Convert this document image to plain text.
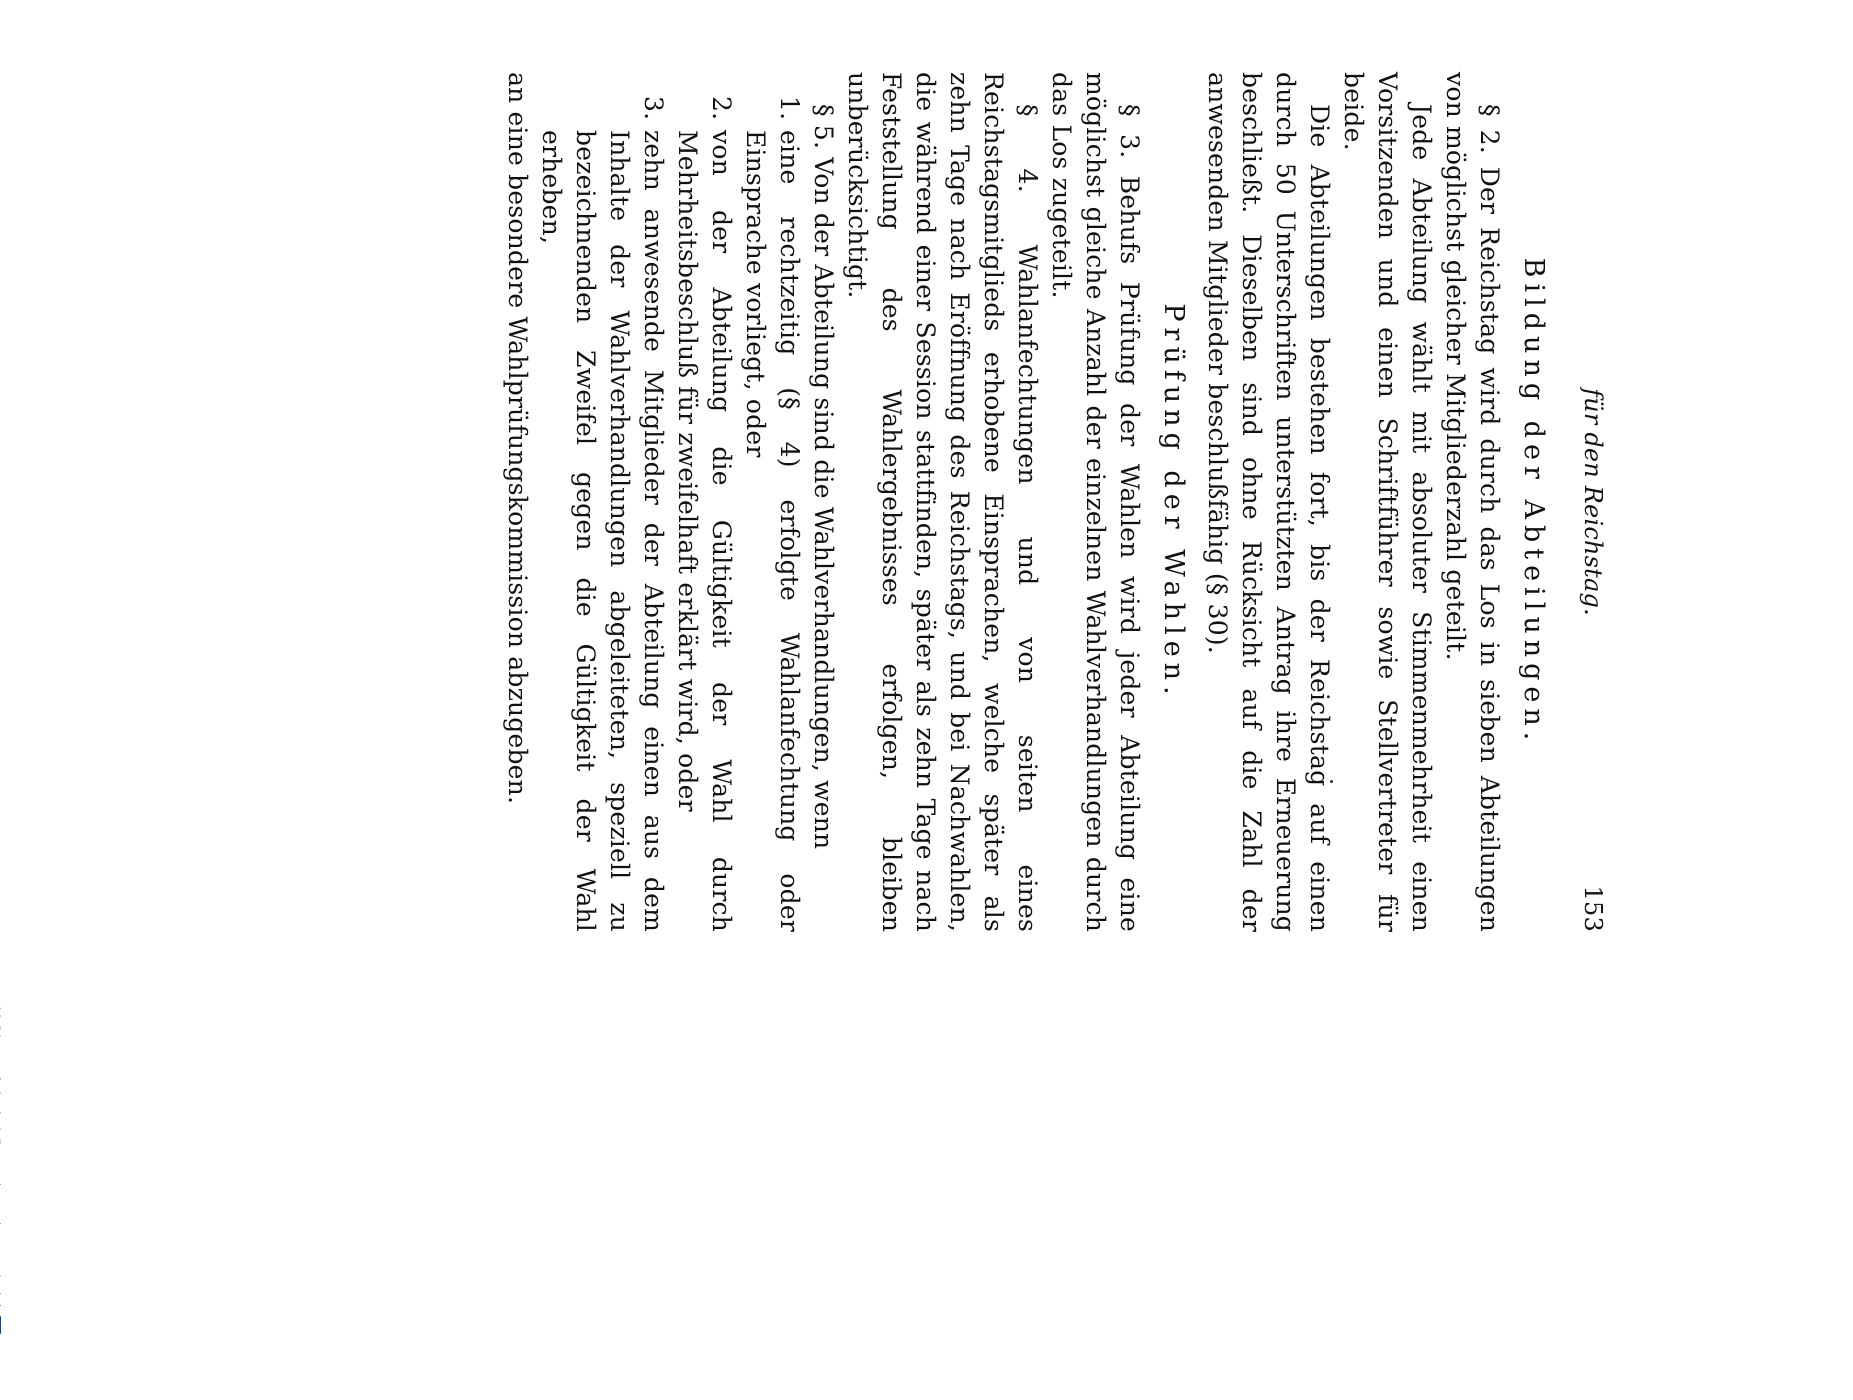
für den Reichstag.
153
Bildung der Abteilungen.

§ 2. Der Reichstag wird durch das Los in sieben Abteilungen von möglichst gleicher Mitgliederzahl geteilt.

Jede Abteilung wählt mit absoluter Stimmenmehrheit einen Vorsitzenden und einen Schriftführer sowie Stellvertreter für beide.

Die Abteilungen bestehen fort, bis der Reichstag auf einen durch 50 Unterschriften unterstützten Antrag ihre Erneuerung beschließt. Dieselben sind ohne Rücksicht auf die Zahl der anwesenden Mitglieder beschlußfähig (§ 30).

Prüfung der Wahlen.

§ 3. Behufs Prüfung der Wahlen wird jeder Abteilung eine möglichst gleiche Anzahl der einzelnen Wahlverhandlungen durch das Los zugeteilt.

§ 4. Wahlanfechtungen und von seiten eines Reichstagsmitglieds erhobene Einsprachen, welche später als zehn Tage nach Eröffnung des Reichstags, und bei Nachwahlen, die während einer Session stattfinden, später als zehn Tage nach Feststellung des Wahlergebnisses erfolgen, bleiben unberücksichtigt.

§ 5. Von der Abteilung sind die Wahlverhandlungen, wenn

1.
eine rechtzeitig (§ 4) erfolgte Wahlanfechtung oder Einsprache vorliegt, oder
2.
von der Abteilung die Gültigkeit der Wahl durch Mehrheitsbeschluß für zweifelhaft erklärt wird, oder
3.
zehn anwesende Mitglieder der Abteilung einen aus dem Inhalte der Wahlverhandlungen abgeleiteten, speziell zu bezeichnenden Zweifel gegen die Gültigkeit der Wahl erheben,

an eine besondere Wahlprüfungskommission abzugeben.
